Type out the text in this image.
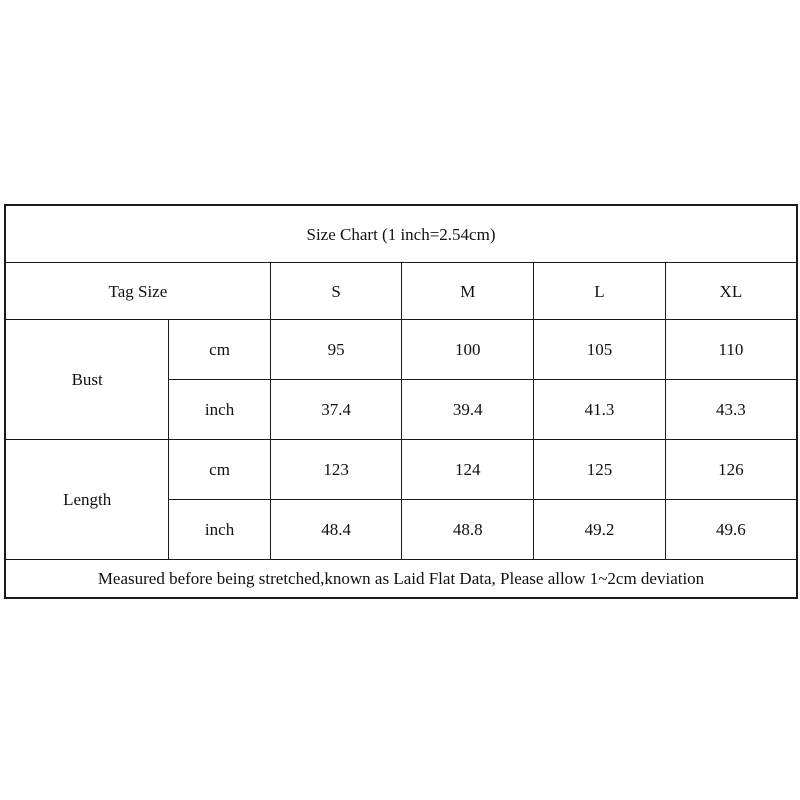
Size Chart (1 inch=2.54cm)					
Tag Size		S	M	L	XL
Bust	cm	95	100	105	110
	inch	37.4	39.4	41.3	43.3
Length	cm	123	124	125	126
	inch	48.4	48.8	49.2	49.6
Measured before being stretched,known as Laid Flat Data, Please allow 1~2cm deviation					
